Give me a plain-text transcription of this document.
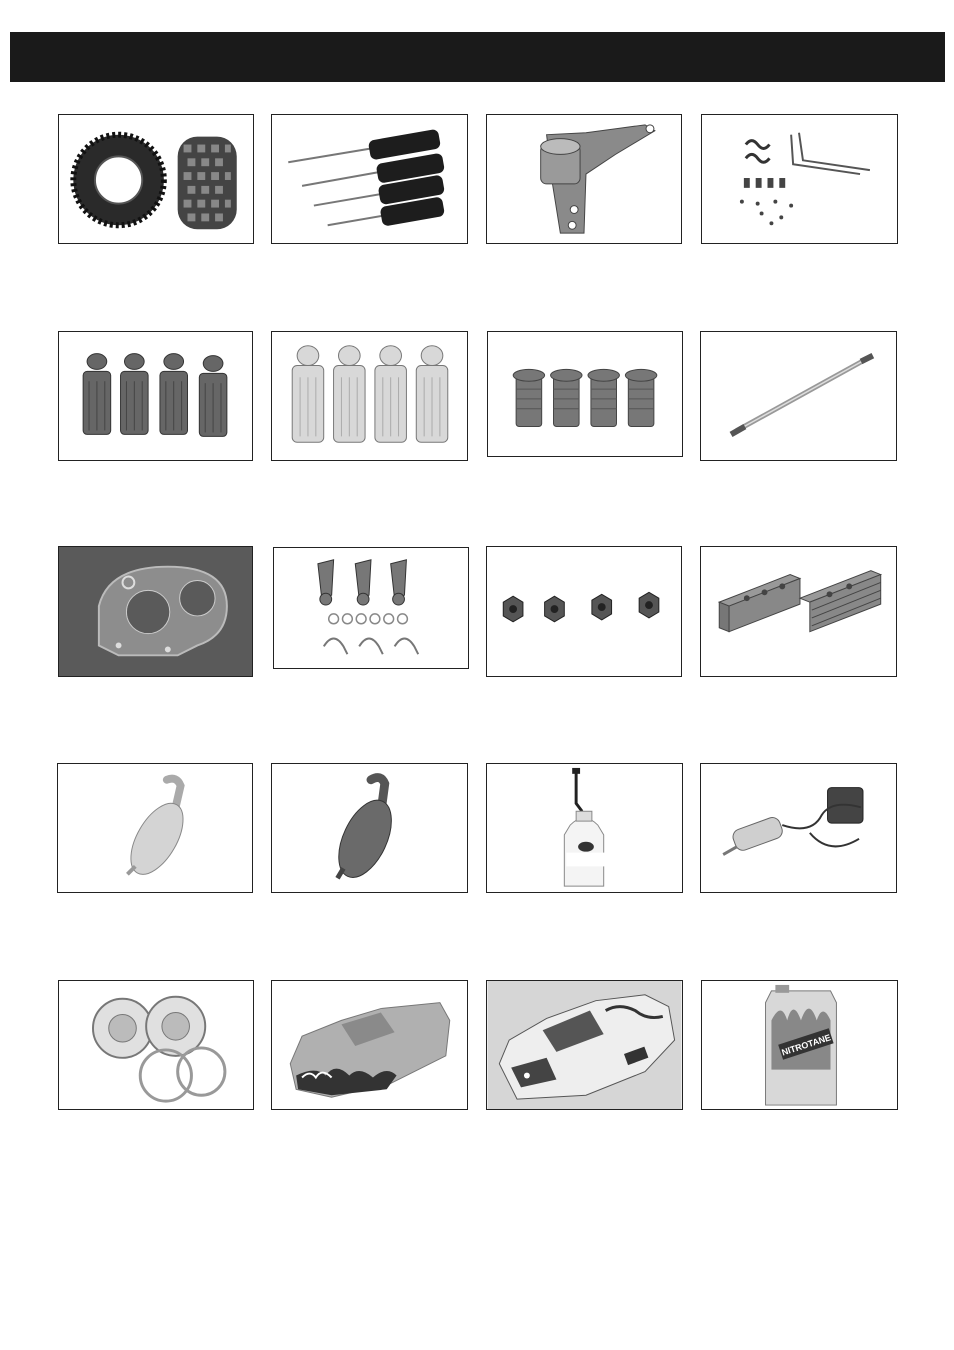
NITROTANE
